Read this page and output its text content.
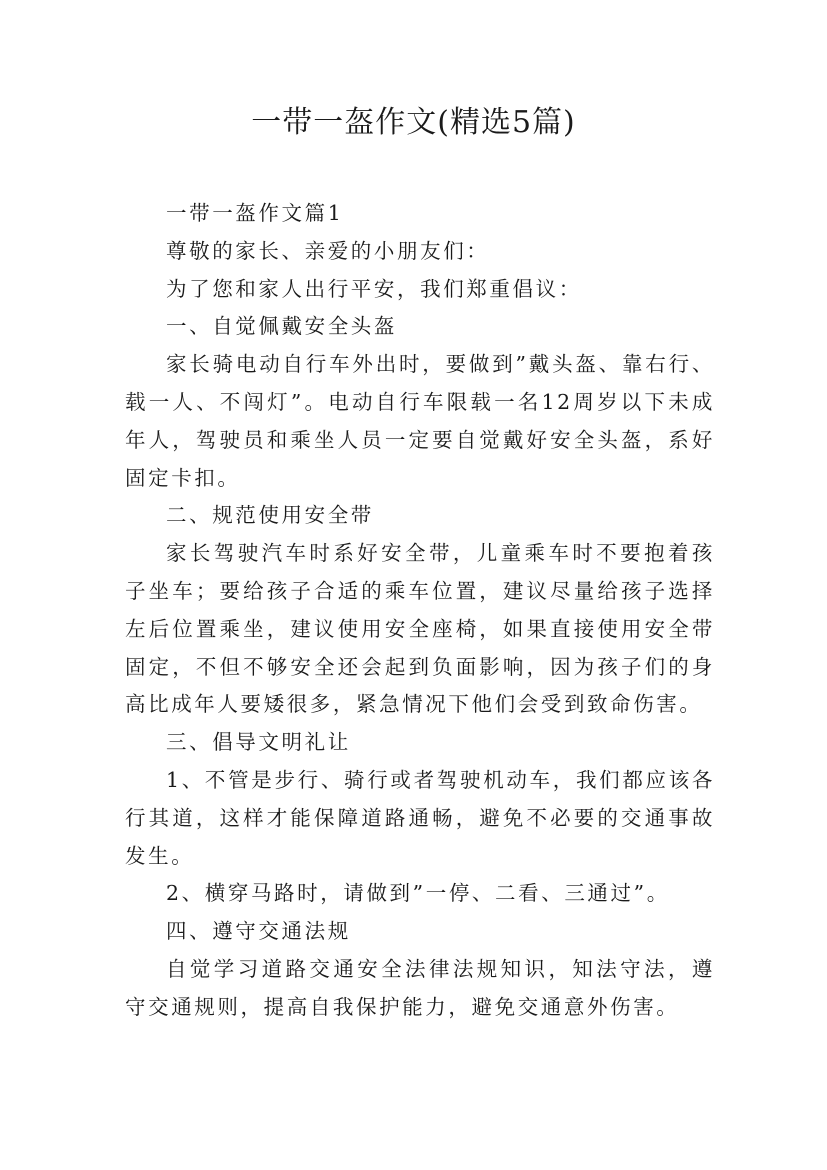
一带一盔作文(精选5篇)

一带一盔作文篇1

尊敬的家长、亲爱的小朋友们：

为了您和家人出行平安，我们郑重倡议：

一、自觉佩戴安全头盔

家长骑电动自行车外出时，要做到”戴头盔、靠右行、载一人、不闯灯”。电动自行车限载一名12周岁以下未成年人，驾驶员和乘坐人员一定要自觉戴好安全头盔，系好固定卡扣。

二、规范使用安全带

家长驾驶汽车时系好安全带，儿童乘车时不要抱着孩子坐车；要给孩子合适的乘车位置，建议尽量给孩子选择左后位置乘坐，建议使用安全座椅，如果直接使用安全带固定，不但不够安全还会起到负面影响，因为孩子们的身高比成年人要矮很多，紧急情况下他们会受到致命伤害。

三、倡导文明礼让

1、不管是步行、骑行或者驾驶机动车，我们都应该各行其道，这样才能保障道路通畅，避免不必要的交通事故发生。

2、横穿马路时，请做到”一停、二看、三通过”。

四、遵守交通法规

自觉学习道路交通安全法律法规知识，知法守法，遵守交通规则，提高自我保护能力，避免交通意外伤害。
